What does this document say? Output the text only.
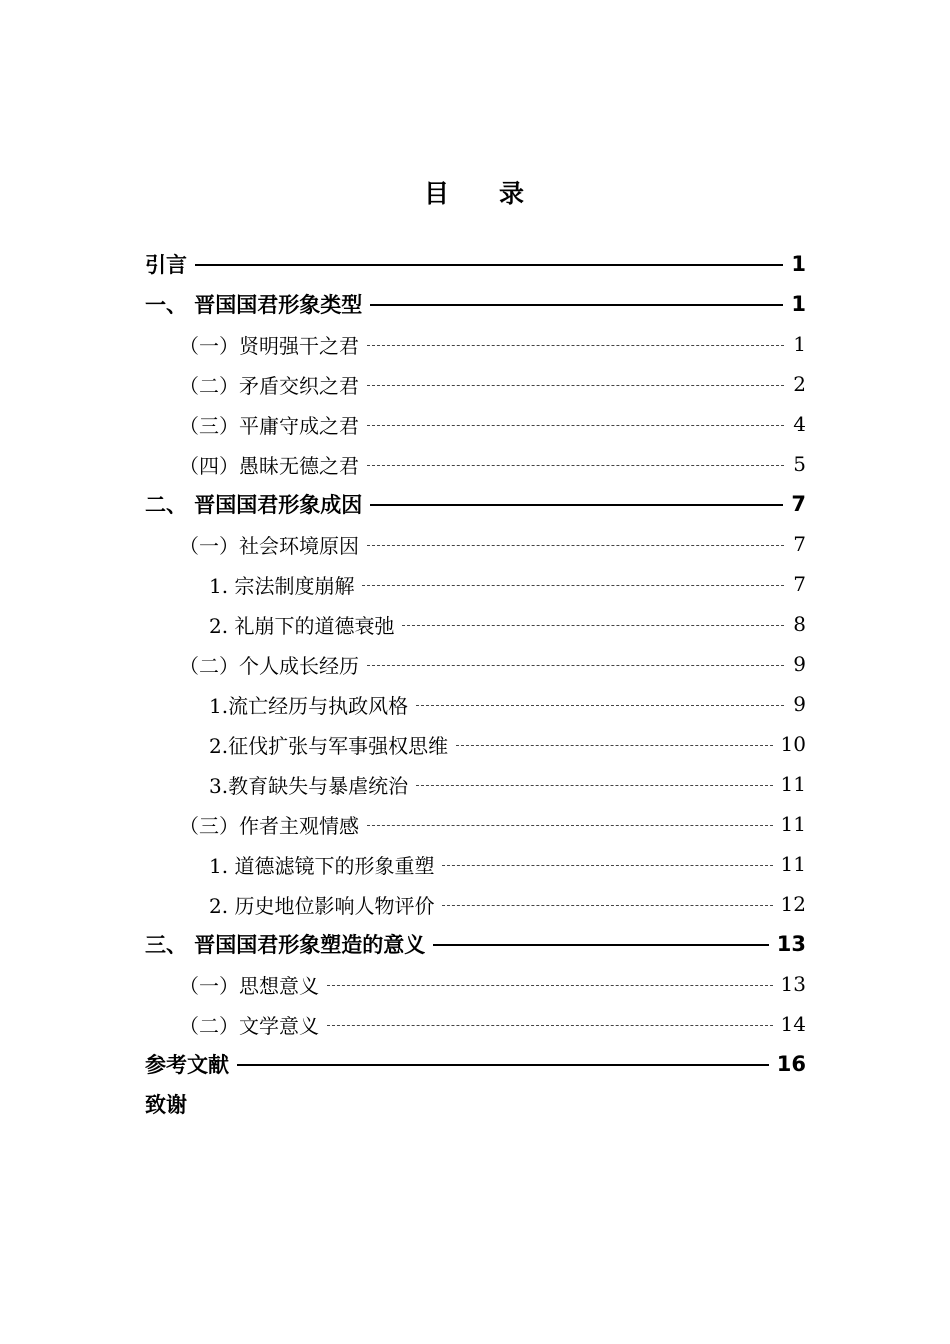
目 录
引言	1
一、 晋国国君形象类型	1
（一）贤明强干之君	1
（二）矛盾交织之君	2
（三）平庸守成之君	4
（四）愚昧无德之君	5
二、 晋国国君形象成因	7
（一）社会环境原因	7
1. 宗法制度崩解	7
2. 礼崩下的道德衰弛	8
（二）个人成长经历	9
1.流亡经历与执政风格	9
2.征伐扩张与军事强权思维	10
3.教育缺失与暴虐统治	11
（三）作者主观情感	11
1. 道德滤镜下的形象重塑	11
2. 历史地位影响人物评价	12
三、 晋国国君形象塑造的意义	13
（一）思想意义	13
（二）文学意义	14
参考文献	16
致谢
